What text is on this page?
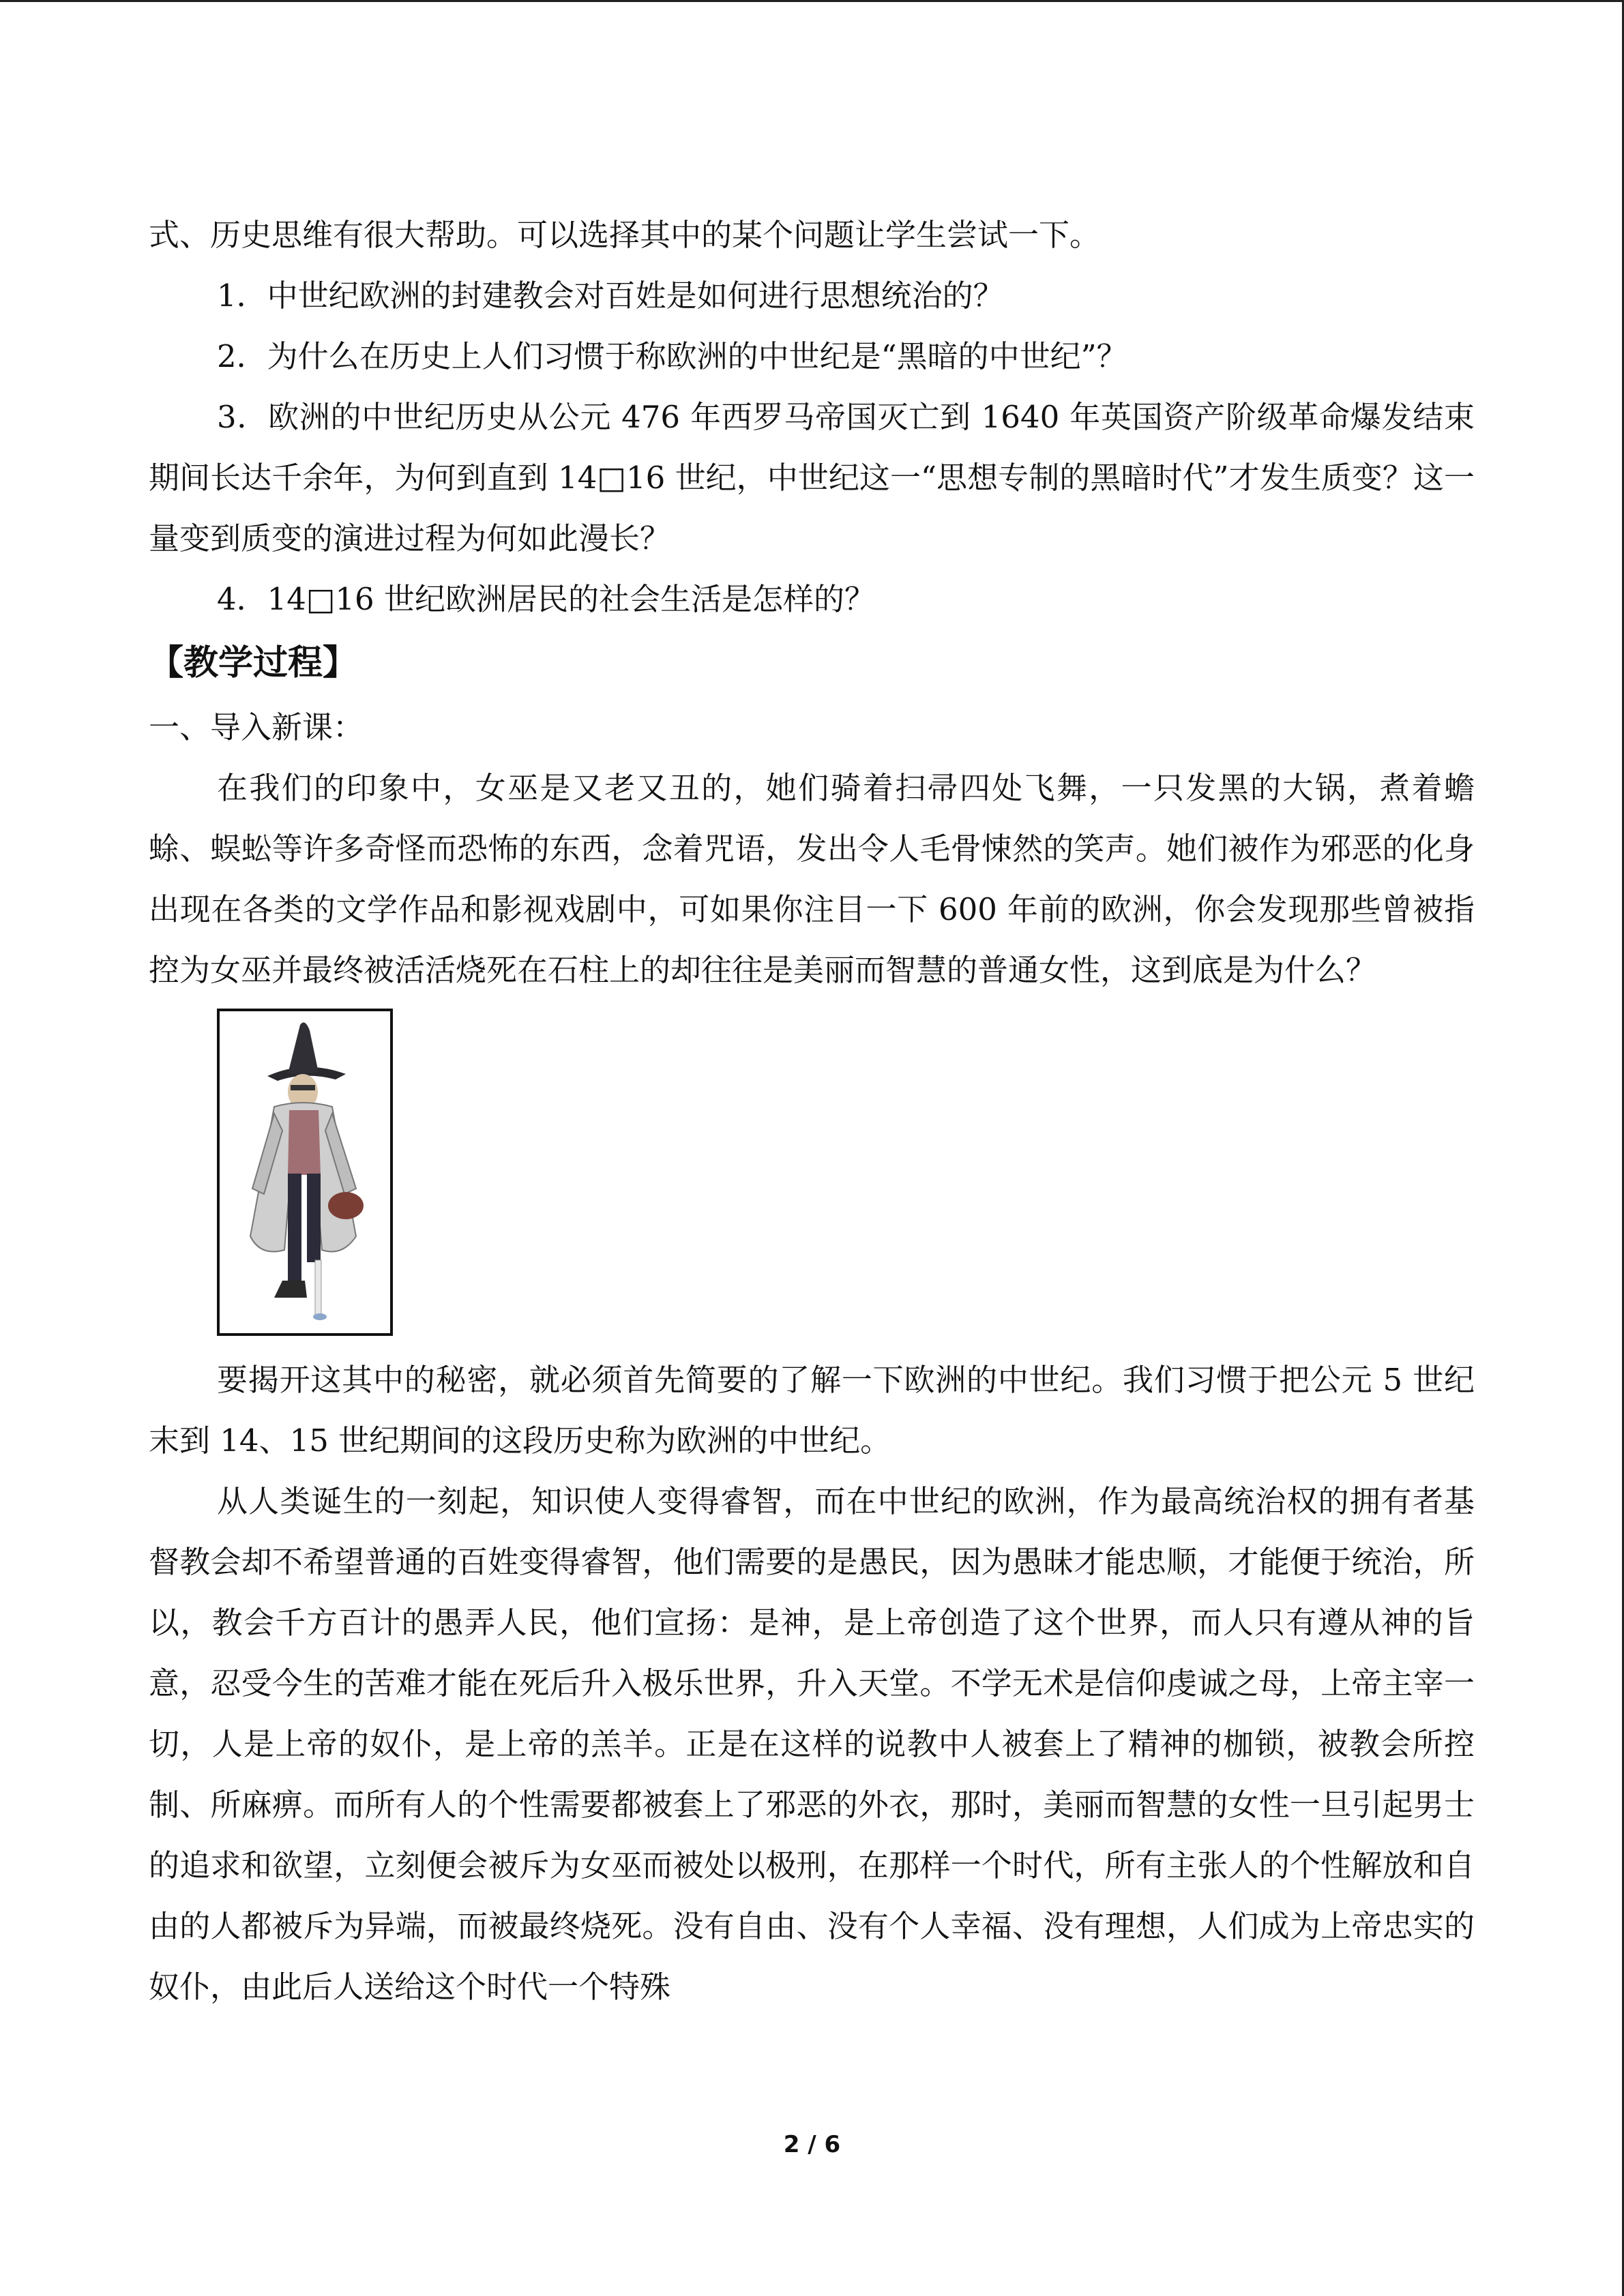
式、历史思维有很大帮助。可以选择其中的某个问题让学生尝试一下。

1．中世纪欧洲的封建教会对百姓是如何进行思想统治的？

2．为什么在历史上人们习惯于称欧洲的中世纪是“黑暗的中世纪”？

3．欧洲的中世纪历史从公元 476 年西罗马帝国灭亡到 1640 年英国资产阶级革命爆发结束期间长达千余年，为何到直到 14□16 世纪，中世纪这一“思想专制的黑暗时代”才发生质变？这一量变到质变的演进过程为何如此漫长？

4．14□16 世纪欧洲居民的社会生活是怎样的？

【教学过程】

一、导入新课：

在我们的印象中，女巫是又老又丑的，她们骑着扫帚四处飞舞，一只发黑的大锅，煮着蟾蜍、蜈蚣等许多奇怪而恐怖的东西，念着咒语，发出令人毛骨悚然的笑声。她们被作为邪恶的化身出现在各类的文学作品和影视戏剧中，可如果你注目一下 600 年前的欧洲，你会发现那些曾被指控为女巫并最终被活活烧死在石柱上的却往往是美丽而智慧的普通女性，这到底是为什么？

要揭开这其中的秘密，就必须首先简要的了解一下欧洲的中世纪。我们习惯于把公元 5 世纪末到 14、15 世纪期间的这段历史称为欧洲的中世纪。

从人类诞生的一刻起，知识使人变得睿智，而在中世纪的欧洲，作为最高统治权的拥有者基督教会却不希望普通的百姓变得睿智，他们需要的是愚民，因为愚昧才能忠顺，才能便于统治，所以，教会千方百计的愚弄人民，他们宣扬：是神，是上帝创造了这个世界，而人只有遵从神的旨意，忍受今生的苦难才能在死后升入极乐世界，升入天堂。不学无术是信仰虔诚之母，上帝主宰一切，人是上帝的奴仆，是上帝的羔羊。正是在这样的说教中人被套上了精神的枷锁，被教会所控制、所麻痹。而所有人的个性需要都被套上了邪恶的外衣，那时，美丽而智慧的女性一旦引起男士的追求和欲望，立刻便会被斥为女巫而被处以极刑，在那样一个时代，所有主张人的个性解放和自由的人都被斥为异端，而被最终烧死。没有自由、没有个人幸福、没有理想，人们成为上帝忠实的奴仆，由此后人送给这个时代一个特殊

2 / 6
